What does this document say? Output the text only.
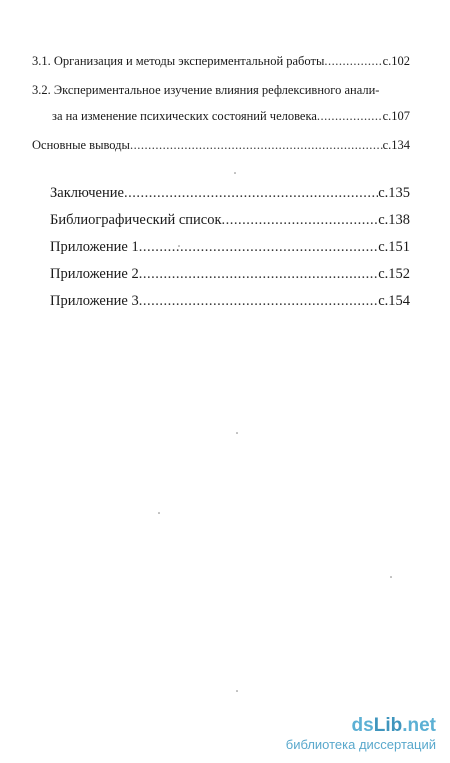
3.1. Организация и методы экспериментальной работы .....	с.102
3.2. Экспериментальное изучение влияния рефлексивного анали-
за на изменение психических состояний человека .....	с.107
Основные выводы .....	с.134
Заключение .....	с.135
Библиографический список .....	с.138
Приложение 1 .....	с.151
Приложение 2 .....	с.152
Приложение 3 .....	с.154
dsLib.net
библиотека диссертаций
